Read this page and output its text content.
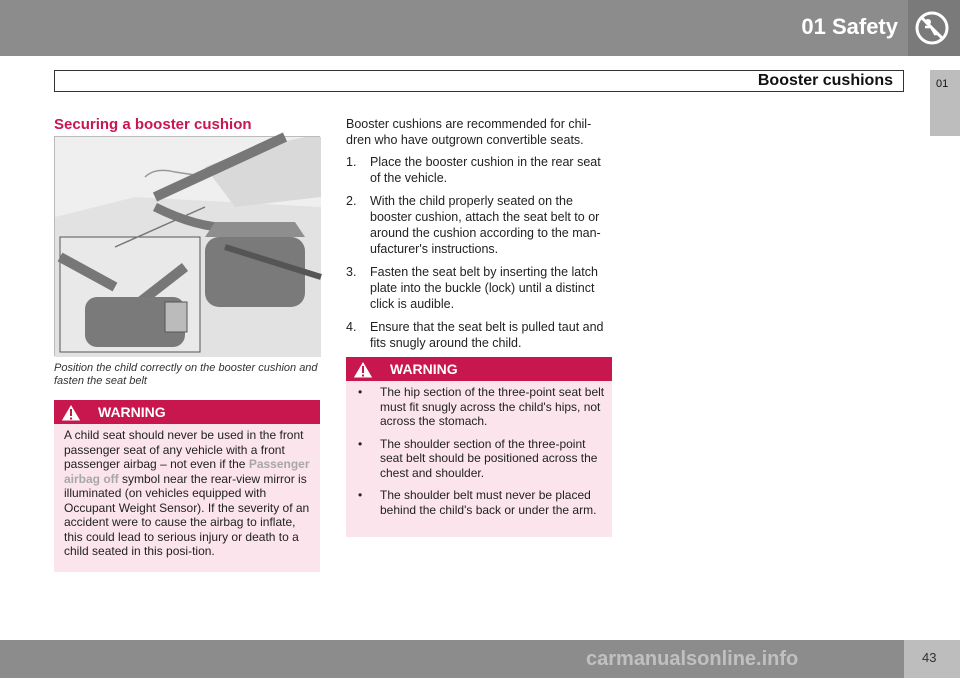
01 Safety
Booster cushions	01
Securing a booster cushion
Position the child correctly on the booster cushion and fasten the seat belt
WARNING
A child seat should never be used in the front passenger seat of any vehicle with a front passenger airbag – not even if the Passenger airbag off symbol near the rear-view mirror is illuminated (on vehicles equipped with Occupant Weight Sensor). If the severity of an accident were to cause the airbag to inflate, this could lead to serious injury or death to a child seated in this posi-tion.
Booster cushions are recommended for chil-dren who have outgrown convertible seats.
1. Place the booster cushion in the rear seat of the vehicle.
2. With the child properly seated on the booster cushion, attach the seat belt to or around the cushion according to the man-ufacturer's instructions.
3. Fasten the seat belt by inserting the latch plate into the buckle (lock) until a distinct click is audible.
4. Ensure that the seat belt is pulled taut and fits snugly around the child.
WARNING
• The hip section of the three-point seat belt must fit snugly across the child's hips, not across the stomach.
• The shoulder section of the three-point seat belt should be positioned across the chest and shoulder.
• The shoulder belt must never be placed behind the child's back or under the arm.
carmanualsonline.info	43
